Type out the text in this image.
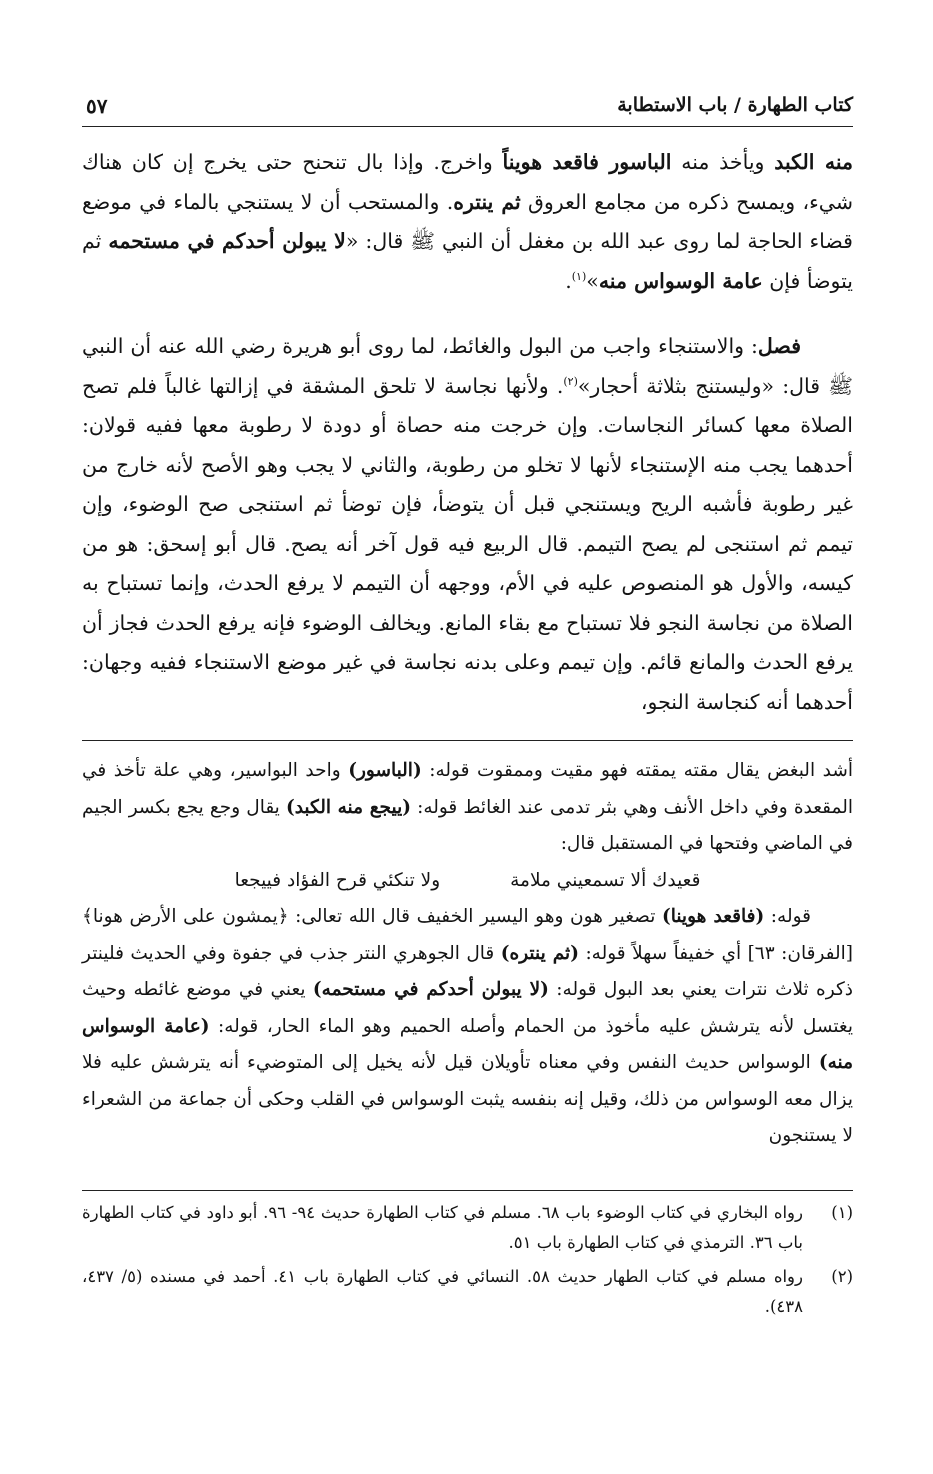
كتاب الطهارة / باب الاستطابة
٥٧

منه الكبد ويأخذ منه الباسور فاقعد هويناً واخرج. وإذا بال تنحنح حتى يخرج إن كان هناك شيء، ويمسح ذكره من مجامع العروق ثم ينتره. والمستحب أن لا يستنجي بالماء في موضع قضاء الحاجة لما روى عبد الله بن مغفل أن النبي ﷺ قال: «لا يبولن أحدكم في مستحمه ثم يتوضأ فإن عامة الوسواس منه»$^{(١)}$.

فصل: والاستنجاء واجب من البول والغائط، لما روى أبو هريرة رضي الله عنه أن النبي ﷺ قال: «وليستنج بثلاثة أحجار»$^{(٢)}$. ولأنها نجاسة لا تلحق المشقة في إزالتها غالباً فلم تصح الصلاة معها كسائر النجاسات. وإن خرجت منه حصاة أو دودة لا رطوبة معها ففيه قولان: أحدهما يجب منه الإستنجاء لأنها لا تخلو من رطوبة، والثاني لا يجب وهو الأصح لأنه خارج من غير رطوبة فأشبه الريح ويستنجي قبل أن يتوضأ، فإن توضأ ثم استنجى صح الوضوء، وإن تيمم ثم استنجى لم يصح التيمم. قال الربيع فيه قول آخر أنه يصح. قال أبو إسحق: هو من كيسه، والأول هو المنصوص عليه في الأم، ووجهه أن التيمم لا يرفع الحدث، وإنما تستباح به الصلاة من نجاسة النجو فلا تستباح مع بقاء المانع. ويخالف الوضوء فإنه يرفع الحدث فجاز أن يرفع الحدث والمانع قائم. وإن تيمم وعلى بدنه نجاسة في غير موضع الاستنجاء ففيه وجهان: أحدهما أنه كنجاسة النجو،

أشد البغض يقال مقته يمقته فهو مقيت وممقوت قوله: (الباسور) واحد البواسير، وهي علة تأخذ في المقعدة وفي داخل الأنف وهي بثر تدمى عند الغائط قوله: (ييجع منه الكبد) يقال وجع يجع بكسر الجيم في الماضي وفتحها في المستقبل قال:

قعيدك ألا تسمعيني ملامة
ولا تنكئي قرح الفؤاد فييجعا

قوله: (فاقعد هوينا) تصغير هون وهو اليسير الخفيف قال الله تعالى: ﴿يمشون على الأرض هونا﴾ [الفرقان: ٦٣] أي خفيفاً سهلاً قوله: (ثم ينتره) قال الجوهري النتر جذب في جفوة وفي الحديث فلينتر ذكره ثلاث نترات يعني بعد البول قوله: (لا يبولن أحدكم في مستحمه) يعني في موضع غائطه وحيث يغتسل لأنه يترشش عليه مأخوذ من الحمام وأصله الحميم وهو الماء الحار، قوله: (عامة الوسواس منه) الوسواس حديث النفس وفي معناه تأويلان قيل لأنه يخيل إلى المتوضيء أنه يترشش عليه فلا يزال معه الوسواس من ذلك، وقيل إنه بنفسه يثبت الوسواس في القلب وحكى أن جماعة من الشعراء لا يستنجون

(١)
رواه البخاري في كتاب الوضوء باب ٦٨. مسلم في كتاب الطهارة حديث ٩٤- ٩٦. أبو داود في كتاب الطهارة باب ٣٦. الترمذي في كتاب الطهارة باب ٥١.

(٢)
رواه مسلم في كتاب الطهار حديث ٥٨. النسائي في كتاب الطهارة باب ٤١. أحمد في مسنده (٥/ ٤٣٧، ٤٣٨).
